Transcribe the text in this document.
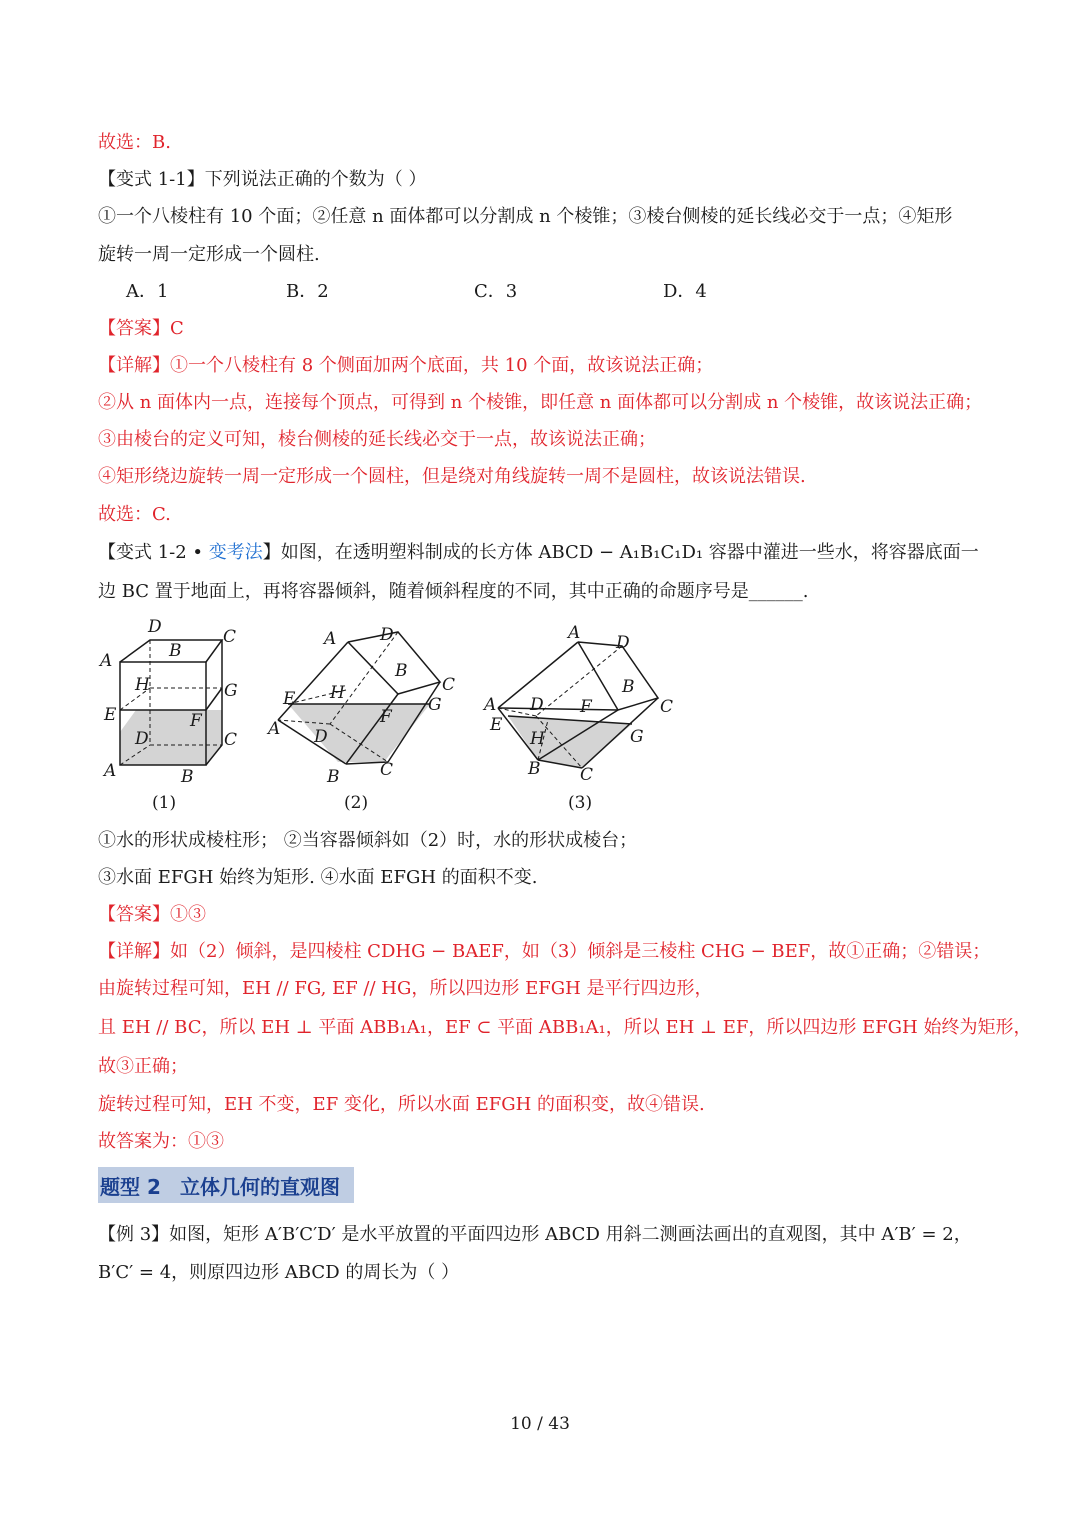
故选：B.
【变式 1-1】下列说法正确的个数为（ ）
①一个八棱柱有 10 个面；②任意 n 面体都可以分割成 n 个棱锥；③棱台侧棱的延长线必交于一点；④矩形
旋转一周一定形成一个圆柱.
A．1	B．2	C．3	D．4
【答案】C
【详解】①一个八棱柱有 8 个侧面加两个底面，共 10 个面，故该说法正确；
②从 n 面体内一点，连接每个顶点，可得到 n 个棱锥，即任意 n 面体都可以分割成 n 个棱锥，故该说法正确；
③由棱台的定义可知，棱台侧棱的延长线必交于一点，故该说法正确；
④矩形绕边旋转一周一定形成一个圆柱，但是绕对角线旋转一周不是圆柱，故该说法错误.
故选：C.
【变式 1-2 • 变考法】如图，在透明塑料制成的长方体 ABCD − A₁B₁C₁D₁ 容器中灌进一些水，将容器底面一
边 BC 置于地面上，再将容器倾斜，随着倾斜程度的不同，其中正确的命题序号是______.
D	C
B
A
H	G
E	F
D	C
A	B
(1)
A	D
B
C
E H
G
F
A D
B C
(2)
A D
B
C
A D F
E
H	G
B C
(3)
①水的形状成棱柱形； ②当容器倾斜如（2）时，水的形状成棱台；
③水面 EFGH 始终为矩形. ④水面 EFGH 的面积不变.
【答案】①③
【详解】如（2）倾斜，是四棱柱 CDHG − BAEF，如（3）倾斜是三棱柱 CHG − BEF，故①正确；②错误；
由旋转过程可知，EH // FG, EF // HG，所以四边形 EFGH 是平行四边形，
且 EH // BC，所以 EH ⊥ 平面 ABB₁A₁，EF ⊂ 平面 ABB₁A₁，所以 EH ⊥ EF，所以四边形 EFGH 始终为矩形，
故③正确；
旋转过程可知，EH 不变，EF 变化，所以水面 EFGH 的面积变，故④错误.
故答案为：①③
题型 2 立体几何的直观图
【例 3】如图，矩形 A′B′C′D′ 是水平放置的平面四边形 ABCD 用斜二测画法画出的直观图，其中 A′B′ = 2，
B′C′ = 4，则原四边形 ABCD 的周长为（ ）
10 / 43
